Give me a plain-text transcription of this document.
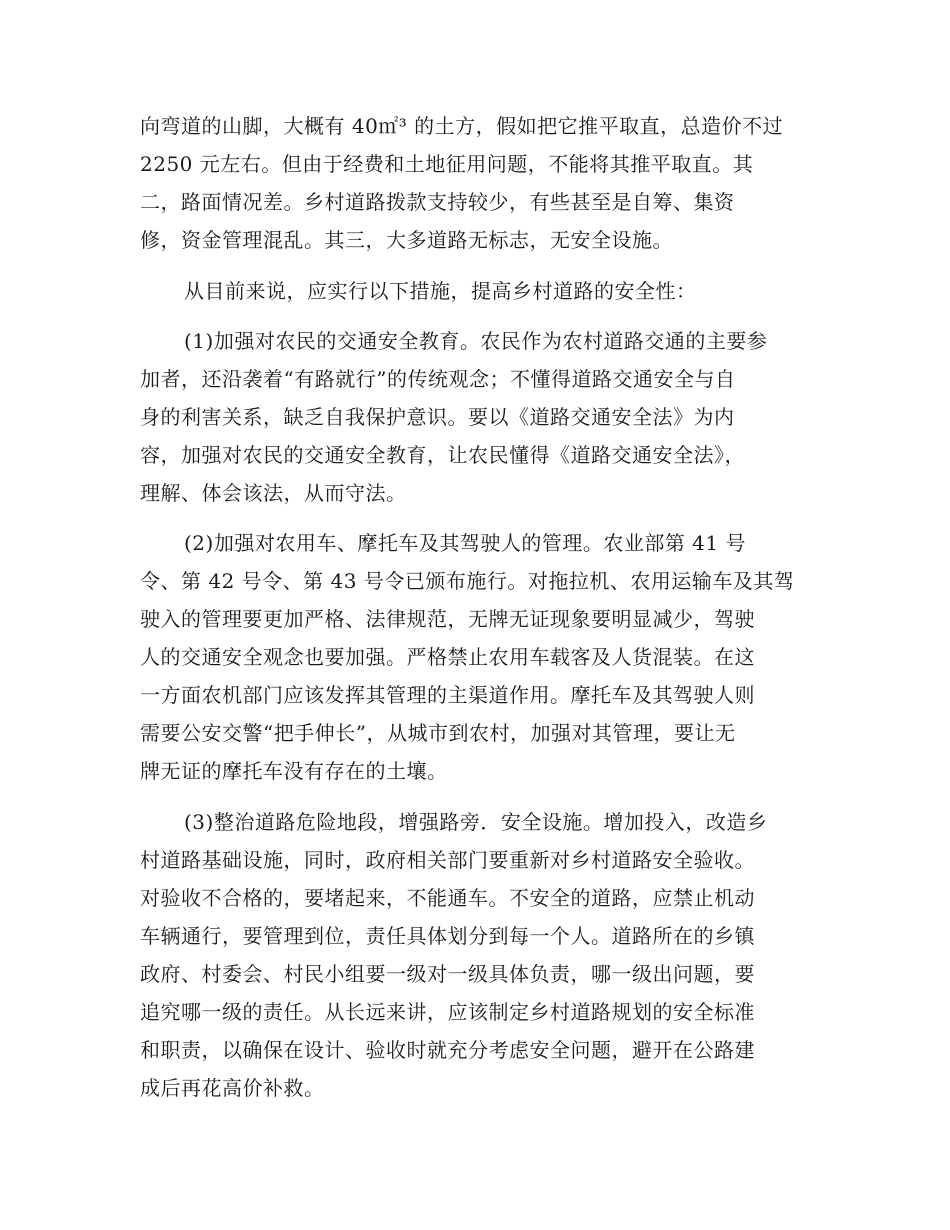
向弯道的山脚，大概有 40㎡³ 的土方，假如把它推平取直，总造价不过
2250 元左右。但由于经费和土地征用问题，不能将其推平取直。其
二，路面情况差。乡村道路拨款支持较少，有些甚至是自筹、集资
修，资金管理混乱。其三，大多道路无标志，无安全设施。
从目前来说，应实行以下措施，提高乡村道路的安全性：
(1)加强对农民的交通安全教育。农民作为农村道路交通的主要参
加者，还沿袭着“有路就行”的传统观念；不懂得道路交通安全与自
身的利害关系，缺乏自我保护意识。要以《道路交通安全法》为内
容，加强对农民的交通安全教育，让农民懂得《道路交通安全法》，
理解、体会该法，从而守法。
(2)加强对农用车、摩托车及其驾驶人的管理。农业部第 41 号
令、第 42 号令、第 43 号令已颁布施行。对拖拉机、农用运输车及其驾
驶入的管理要更加严格、法律规范，无牌无证现象要明显减少，驾驶
人的交通安全观念也要加强。严格禁止农用车载客及人货混装。在这
一方面农机部门应该发挥其管理的主渠道作用。摩托车及其驾驶人则
需要公安交警“把手伸长”，从城市到农村，加强对其管理，要让无
牌无证的摩托车没有存在的土壤。
(3)整治道路危险地段，增强路旁．安全设施。增加投入，改造乡
村道路基础设施，同时，政府相关部门要重新对乡村道路安全验收。
对验收不合格的，要堵起来，不能通车。不安全的道路，应禁止机动
车辆通行，要管理到位，责任具体划分到每一个人。道路所在的乡镇
政府、村委会、村民小组要一级对一级具体负责，哪一级出问题，要
追究哪一级的责任。从长远来讲，应该制定乡村道路规划的安全标准
和职责，以确保在设计、验收时就充分考虑安全问题，避开在公路建
成后再花高价补救。
